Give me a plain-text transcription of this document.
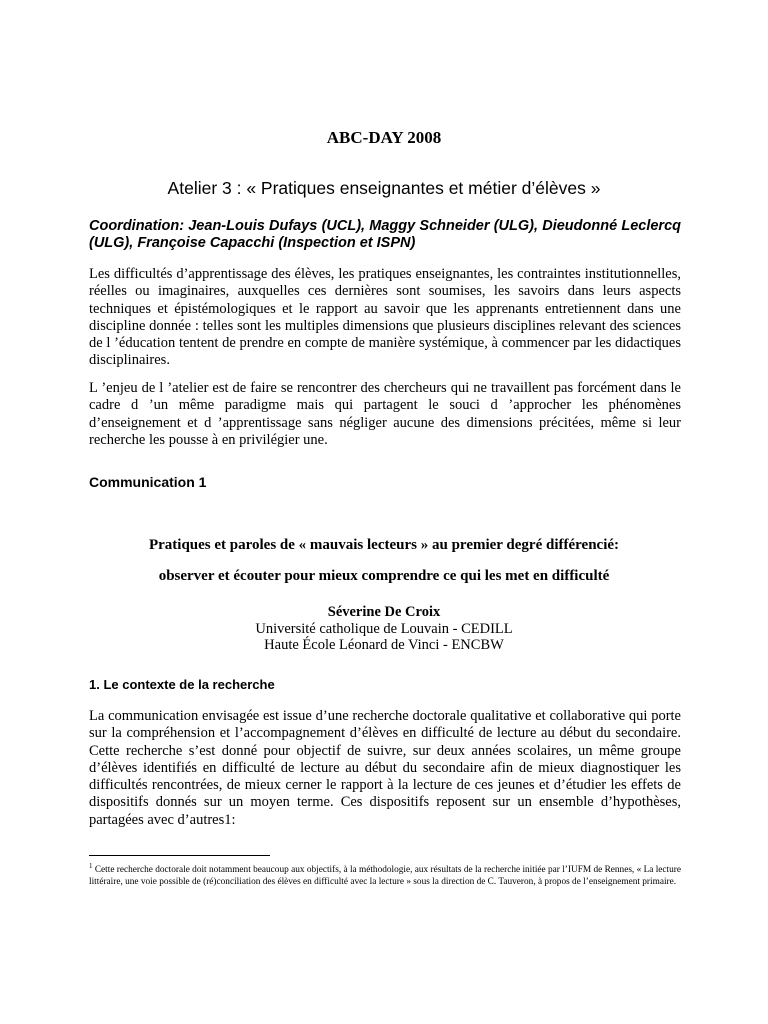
ABC-DAY 2008
Atelier 3 : « Pratiques enseignantes et métier d’élèves »
Coordination: Jean-Louis Dufays (UCL), Maggy Schneider (ULG), Dieudonné Leclercq (ULG), Françoise Capacchi (Inspection et ISPN)
Les difficultés d’apprentissage des élèves, les pratiques enseignantes, les contraintes institutionnelles, réelles ou imaginaires, auxquelles ces dernières sont soumises, les savoirs dans leurs aspects techniques et épistémologiques et le rapport au savoir que les apprenants entretiennent dans une discipline donnée : telles sont les multiples dimensions que plusieurs disciplines relevant des sciences de l ’éducation tentent de prendre en compte de manière systémique, à commencer par les didactiques disciplinaires.
L ’enjeu de l ’atelier est de faire se rencontrer des chercheurs qui ne travaillent pas forcément dans le cadre d ’un même paradigme mais qui partagent le souci d ’approcher les phénomènes d’enseignement et d ’apprentissage sans négliger aucune des dimensions précitées, même si leur recherche les pousse à en privilégier une.
Communication 1
Pratiques et paroles de « mauvais lecteurs » au premier degré différencié:
observer et écouter pour mieux comprendre ce qui les met en difficulté
Séverine De Croix
Université catholique de Louvain - CEDILL
Haute École Léonard de Vinci - ENCBW
1. Le contexte de la recherche
La communication envisagée est issue d’une recherche doctorale qualitative et collaborative qui porte sur la compréhension et l’accompagnement d’élèves en difficulté de lecture au début du secondaire. Cette recherche s’est donné pour objectif de suivre, sur deux années scolaires, un même groupe d’élèves identifiés en difficulté de lecture au début du secondaire afin de mieux diagnostiquer les difficultés rencontrées, de mieux cerner le rapport à la lecture de ces jeunes et d’étudier les effets de dispositifs donnés sur un moyen terme. Ces dispositifs reposent sur un ensemble d’hypothèses, partagées avec d’autres1:
$^1$ Cette recherche doctorale doit notamment beaucoup aux objectifs, à la méthodologie, aux résultats de la recherche initiée par l’IUFM de Rennes, « La lecture littéraire, une voie possible de (ré)conciliation des élèves en difficulté avec la lecture » sous la direction de C. Tauveron, à propos de l’enseignement primaire.
